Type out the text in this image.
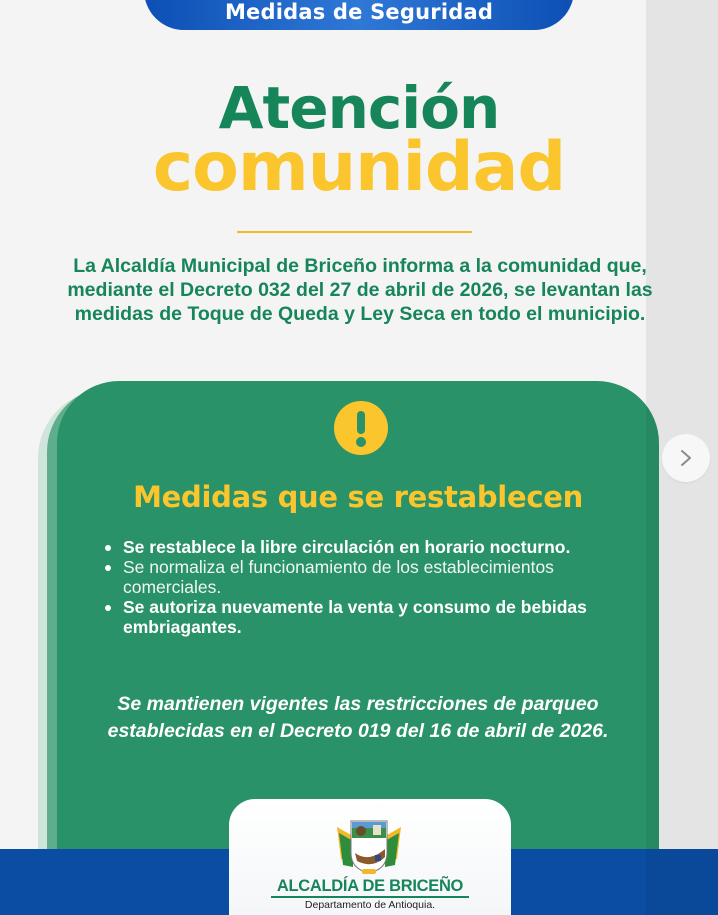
Medidas de Seguridad
Atención
comunidad
La Alcaldía Municipal de Briceño informa a la comunidad que, mediante el Decreto 032 del 27 de abril de 2026, se levantan las medidas de Toque de Queda y Ley Seca en todo el municipio.
Medidas que se restablecen
Se restablece la libre circulación en horario nocturno.
Se normaliza el funcionamiento de los establecimientos comerciales.
Se autoriza nuevamente la venta y consumo de bebidas embriagantes.
Se mantienen vigentes las restricciones de parqueo establecidas en el Decreto 019 del 16 de abril de 2026.
ALCALDÍA DE BRICEÑO
Departamento de Antioquia.
